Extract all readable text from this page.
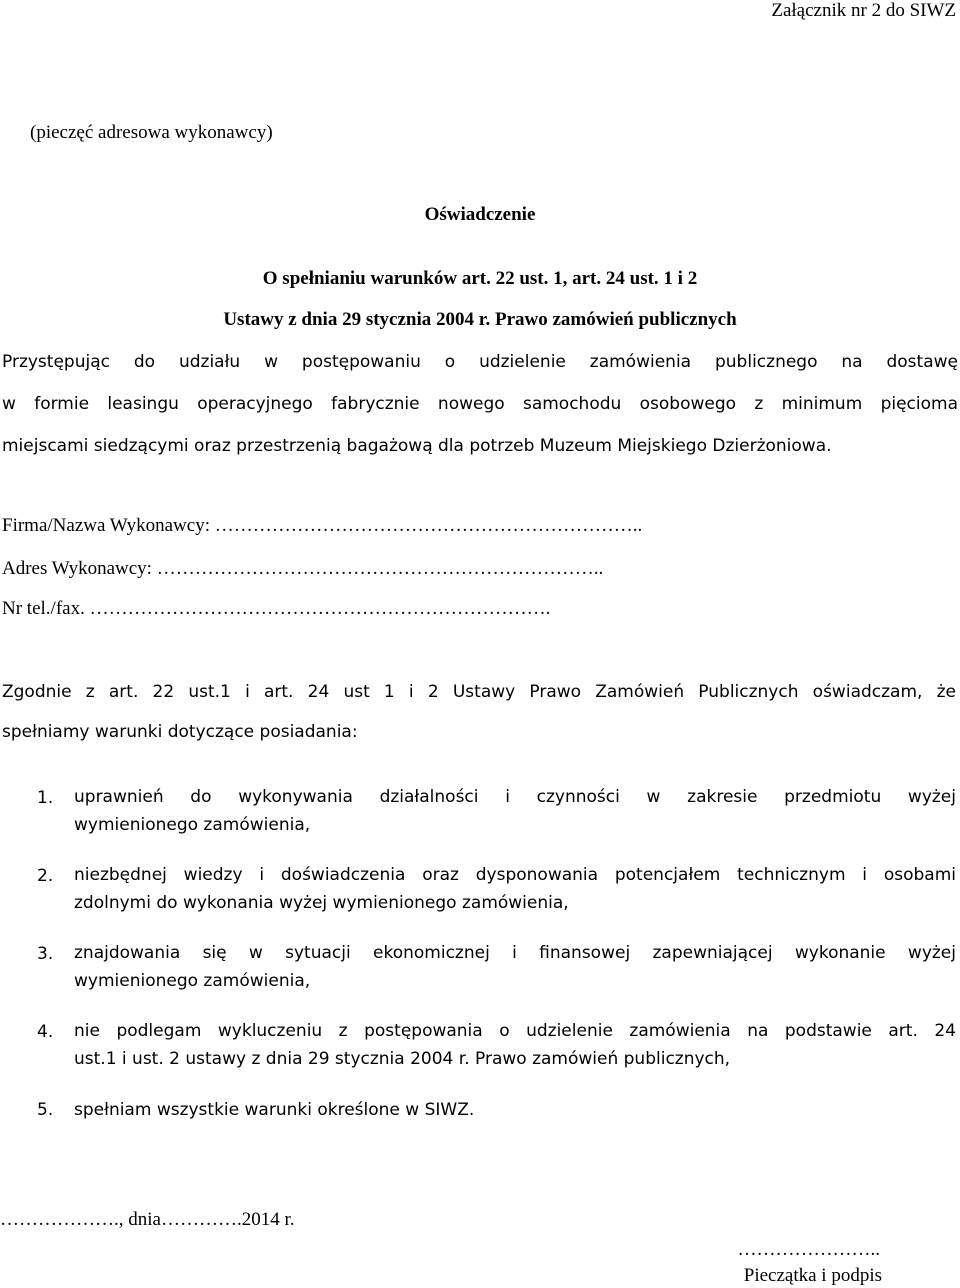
Załącznik nr 2 do SIWZ
(pieczęć adresowa wykonawcy)
Oświadczenie
O spełnianiu warunków art. 22 ust. 1, art. 24 ust. 1 i 2
Ustawy z dnia 29 stycznia 2004 r. Prawo zamówień publicznych
Przystępując do udziału w postępowaniu o udzielenie zamówienia publicznego na dostawę
w formie leasingu operacyjnego fabrycznie nowego samochodu osobowego z minimum pięcioma
miejscami siedzącymi oraz przestrzenią bagażową dla potrzeb Muzeum Miejskiego Dzierżoniowa.
Firma/Nazwa Wykonawcy: …………………………………………………………..
Adres Wykonawcy: ……………………………………………………………..
Nr tel./fax. ……………………………………………………………….
Zgodnie z art. 22 ust.1 i art. 24 ust 1 i 2 Ustawy Prawo Zamówień Publicznych oświadczam, że
spełniamy warunki dotyczące posiadania:
1. uprawnień do wykonywania działalności i czynności w zakresie przedmiotu wyżej
wymienionego zamówienia,
2. niezbędnej wiedzy i doświadczenia oraz dysponowania potencjałem technicznym i osobami
zdolnymi do wykonania wyżej wymienionego zamówienia,
3. znajdowania się w sytuacji ekonomicznej i finansowej zapewniającej wykonanie wyżej
wymienionego zamówienia,
4. nie podlegam wykluczeniu z postępowania o udzielenie zamówienia na podstawie art. 24
ust.1 i ust. 2 ustawy z dnia 29 stycznia 2004 r. Prawo zamówień publicznych,
5. spełniam wszystkie warunki określone w SIWZ.
………………., dnia………….2014 r.
…………………..
Pieczątka i podpis
